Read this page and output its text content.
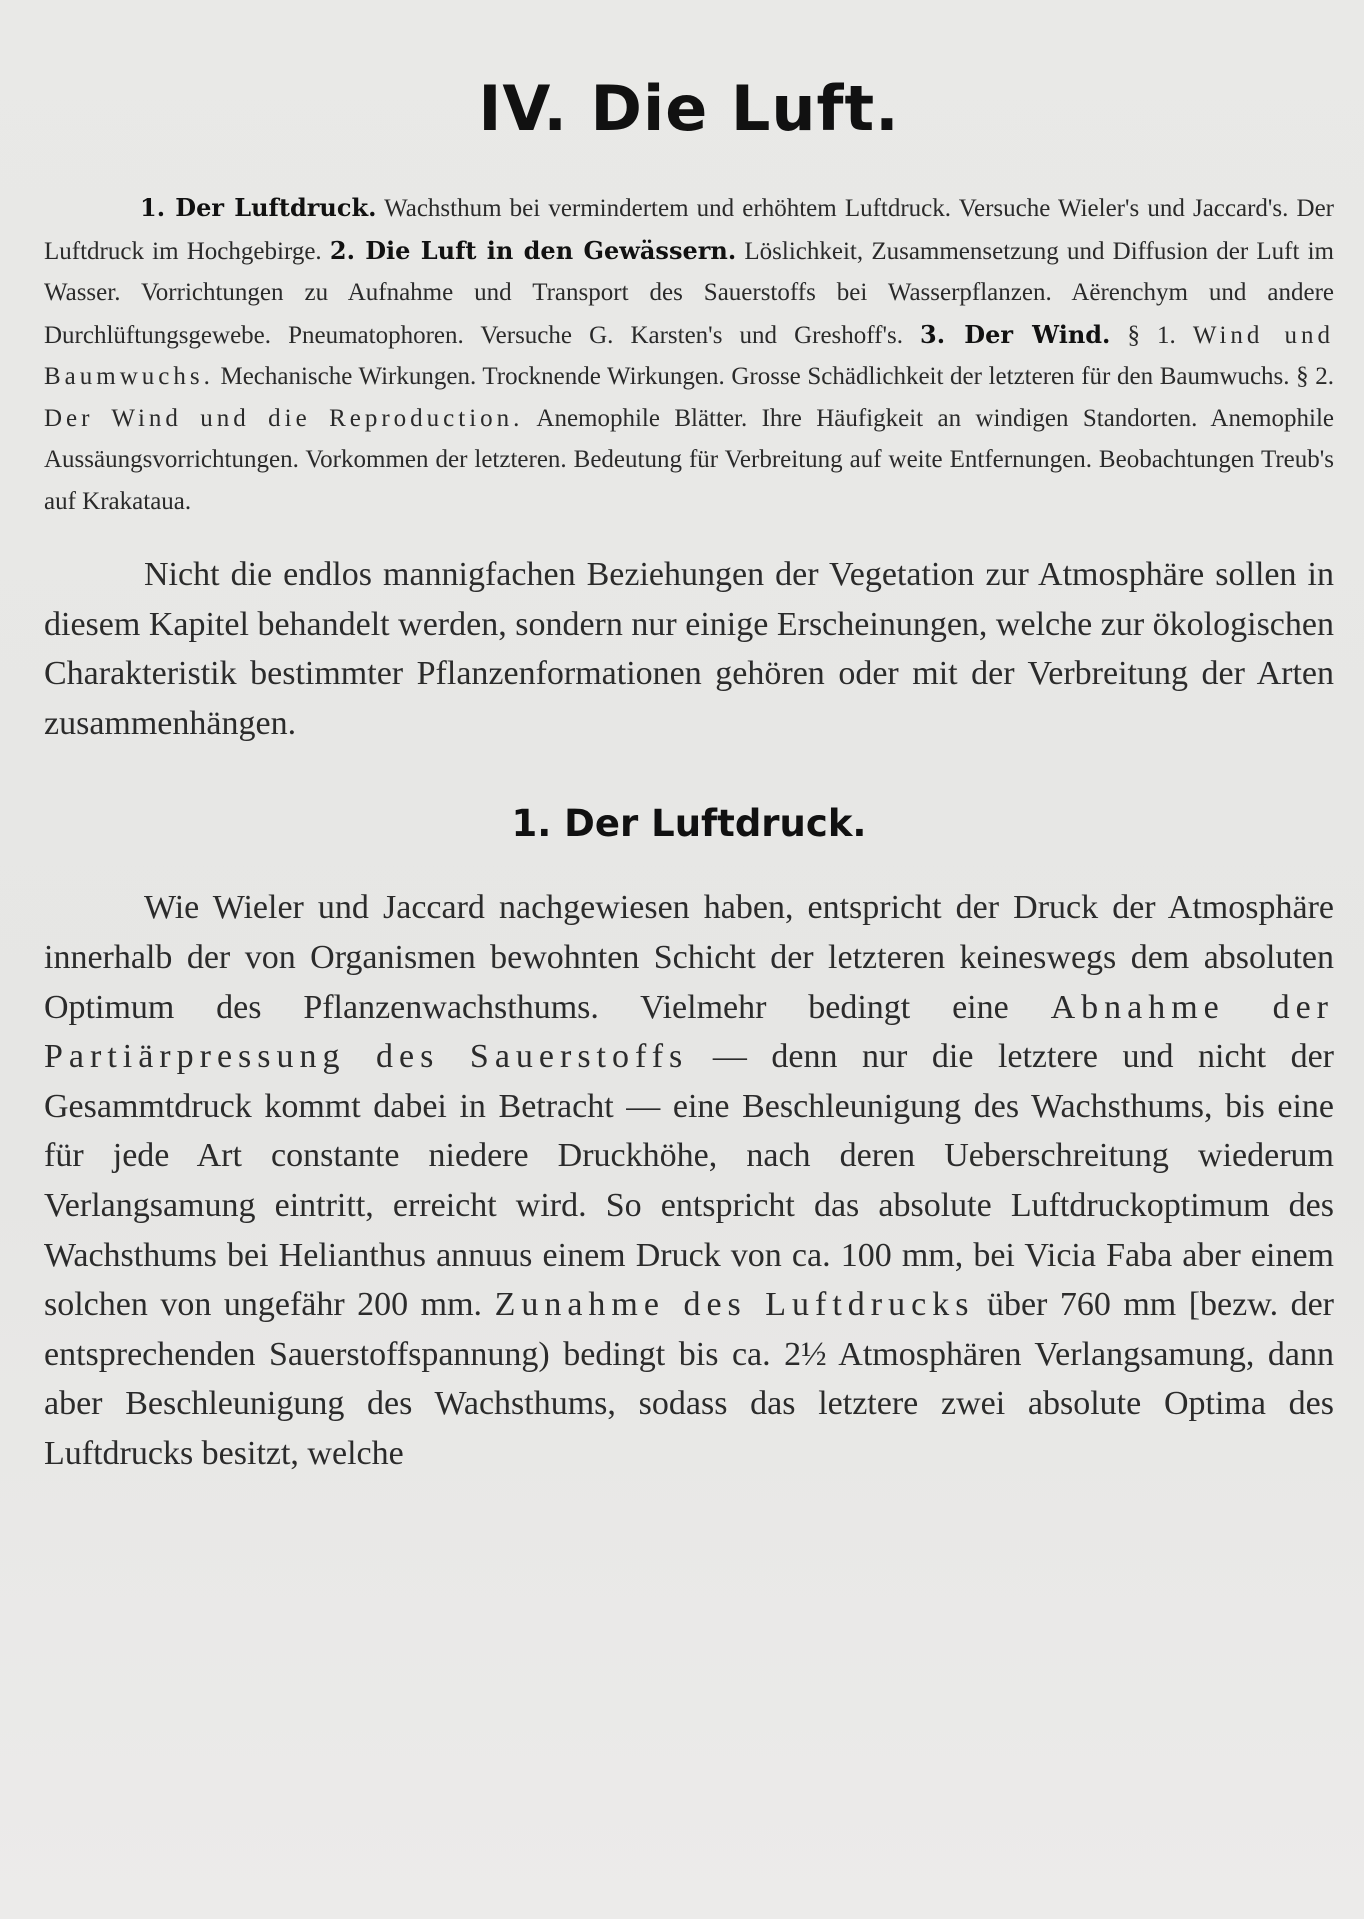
IV. Die Luft.

1. Der Luftdruck. Wachsthum bei vermindertem und erhöhtem Luftdruck. Versuche Wieler's und Jaccard's. Der Luftdruck im Hochgebirge. 2. Die Luft in den Gewässern. Löslichkeit, Zusammensetzung und Diffusion der Luft im Wasser. Vorrichtungen zu Aufnahme und Transport des Sauerstoffs bei Wasserpflanzen. Aërenchym und andere Durchlüftungsgewebe. Pneumatophoren. Versuche G. Karsten's und Greshoff's. 3. Der Wind. § 1. Wind und Baumwuchs. Mechanische Wirkungen. Trocknende Wirkungen. Grosse Schädlichkeit der letzteren für den Baumwuchs. § 2. Der Wind und die Reproduction. Anemophile Blätter. Ihre Häufigkeit an windigen Standorten. Anemophile Aussäungsvorrichtungen. Vorkommen der letzteren. Bedeutung für Verbreitung auf weite Entfernungen. Beobachtungen Treub's auf Krakataua.

Nicht die endlos mannigfachen Beziehungen der Vegetation zur Atmosphäre sollen in diesem Kapitel behandelt werden, sondern nur einige Erscheinungen, welche zur ökologischen Charakteristik bestimmter Pflanzenformationen gehören oder mit der Verbreitung der Arten zusammenhängen.

1. Der Luftdruck.

Wie Wieler und Jaccard nachgewiesen haben, entspricht der Druck der Atmosphäre innerhalb der von Organismen bewohnten Schicht der letzteren keineswegs dem absoluten Optimum des Pflanzenwachsthums. Vielmehr bedingt eine Abnahme der Partiärpressung des Sauerstoffs — denn nur die letztere und nicht der Gesammtdruck kommt dabei in Betracht — eine Beschleunigung des Wachsthums, bis eine für jede Art constante niedere Druckhöhe, nach deren Ueberschreitung wiederum Verlangsamung eintritt, erreicht wird. So entspricht das absolute Luftdruckoptimum des Wachsthums bei Helianthus annuus einem Druck von ca. 100 mm, bei Vicia Faba aber einem solchen von ungefähr 200 mm. Zunahme des Luftdrucks über 760 mm [bezw. der entsprechenden Sauerstoffspannung) bedingt bis ca. 2½ Atmosphären Verlangsamung, dann aber Beschleunigung des Wachsthums, sodass das letztere zwei absolute Optima des Luftdrucks besitzt, welche
